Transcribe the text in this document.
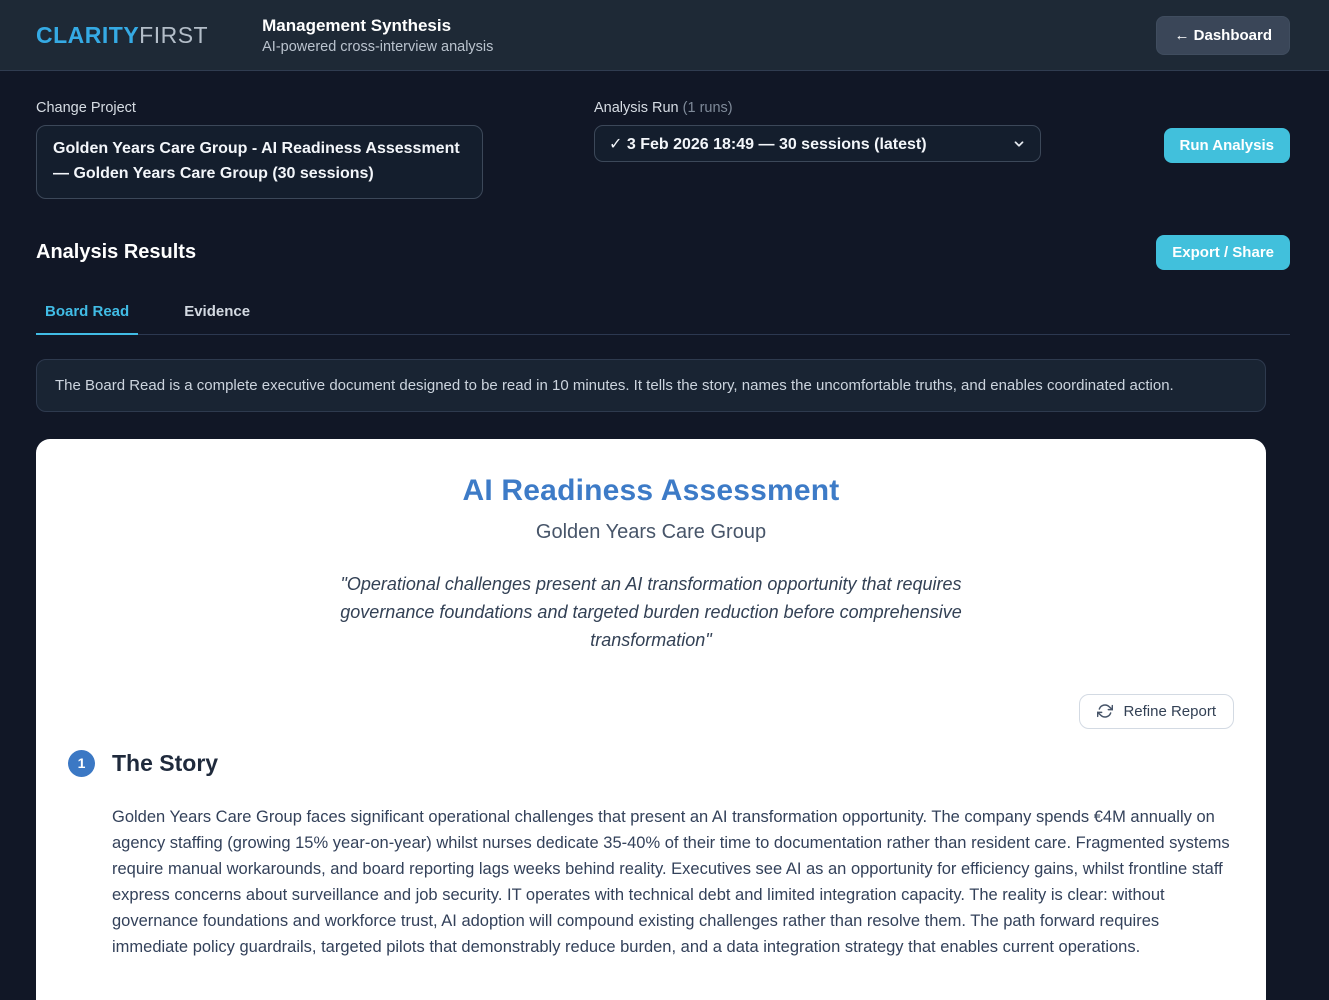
CLARITYFIRST	Management Synthesis
AI-powered cross-interview analysis
← Dashboard
Change Project
Golden Years Care Group - AI Readiness Assessment — Golden Years Care Group (30 sessions)
Analysis Run (1 runs)
✓ 3 Feb 2026 18:49 — 30 sessions (latest)	Run Analysis
Analysis Results	Export / Share
Board Read	Evidence
The Board Read is a complete executive document designed to be read in 10 minutes. It tells the story, names the uncomfortable truths, and enables coordinated action.
AI Readiness Assessment
Golden Years Care Group
"Operational challenges present an AI transformation opportunity that requires governance foundations and targeted burden reduction before comprehensive transformation"
Refine Report
1	The Story

Golden Years Care Group faces significant operational challenges that present an AI transformation opportunity. The company spends €4M annually on agency staffing (growing 15% year-on-year) whilst nurses dedicate 35-40% of their time to documentation rather than resident care. Fragmented systems require manual workarounds, and board reporting lags weeks behind reality. Executives see AI as an opportunity for efficiency gains, whilst frontline staff express concerns about surveillance and job security. IT operates with technical debt and limited integration capacity. The reality is clear: without governance foundations and workforce trust, AI adoption will compound existing challenges rather than resolve them. The path forward requires immediate policy guardrails, targeted pilots that demonstrably reduce burden, and a data integration strategy that enables current operations.
